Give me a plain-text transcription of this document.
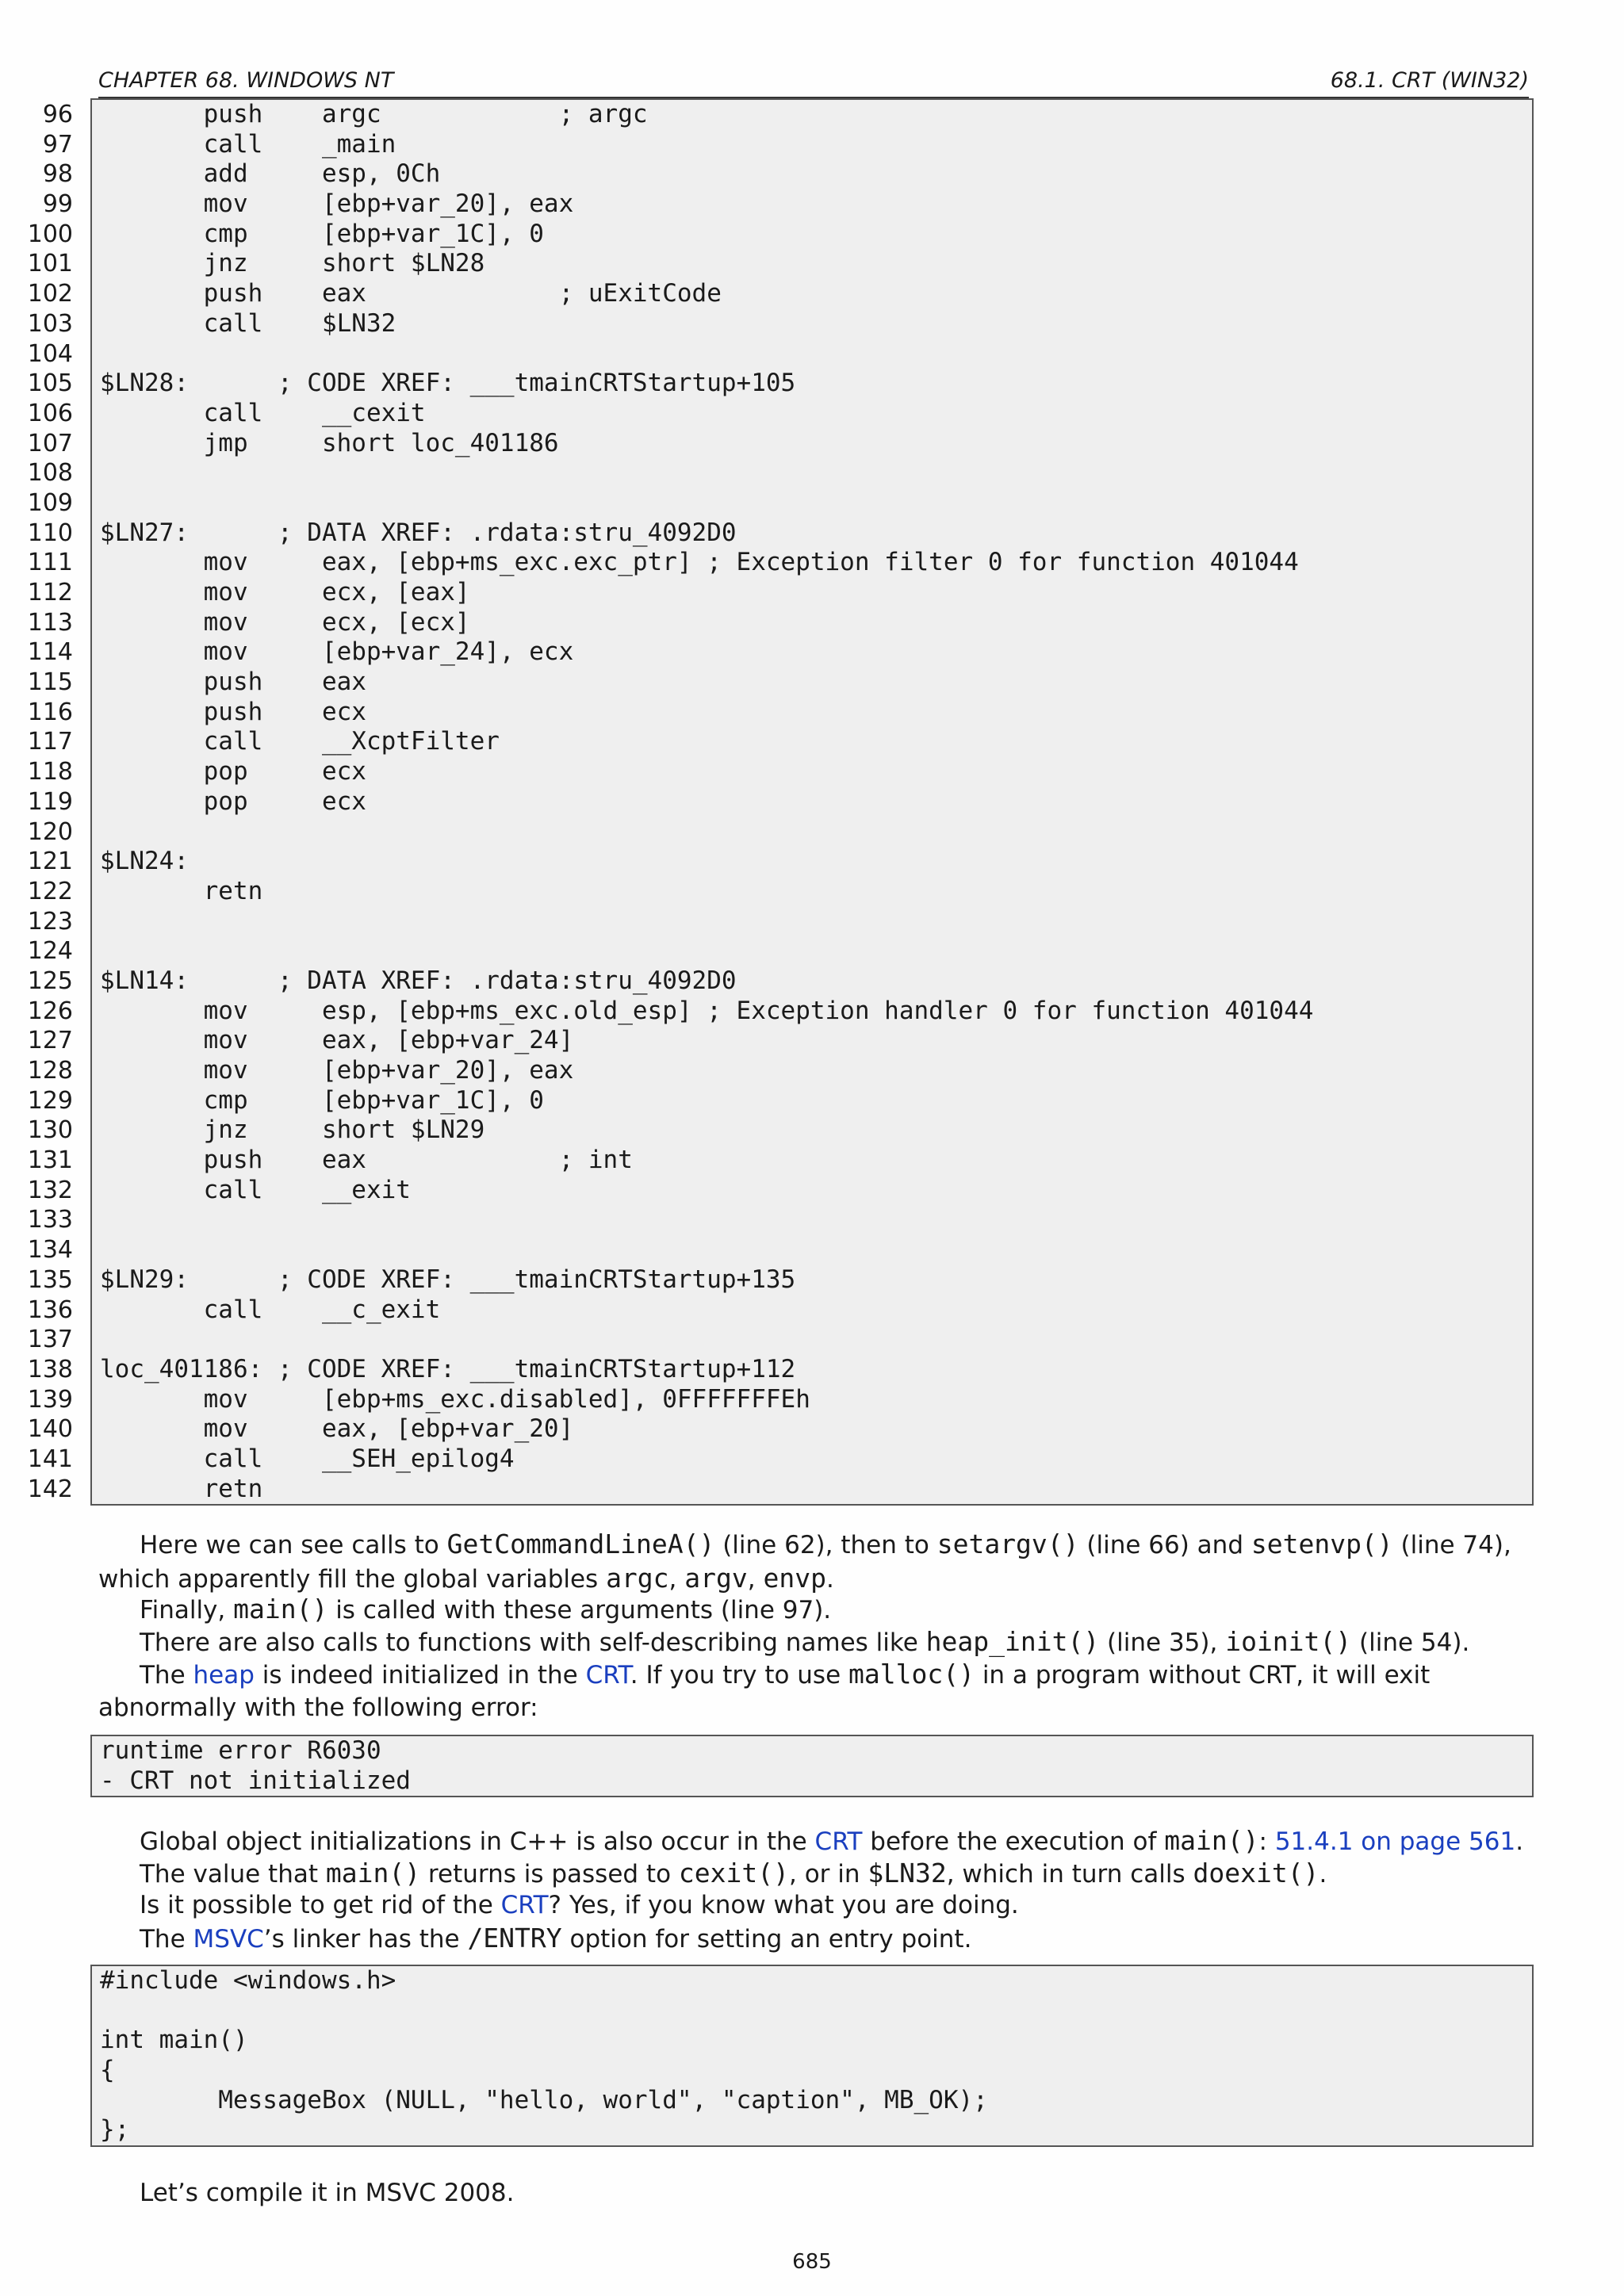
CHAPTER 68. WINDOWS NT	68.1. CRT (WIN32)
96 push    argc            ; argc
97 call    _main
98 add     esp, 0Ch
99 mov     [ebp+var_20], eax
100 cmp     [ebp+var_1C], 0
101 jnz     short $LN28
102 push    eax             ; uExitCode
103 call    $LN32
104
105 $LN28:      ; CODE XREF: ___tmainCRTStartup+105
106 call    __cexit
107 jmp     short loc_401186
108
109
110 $LN27:      ; DATA XREF: .rdata:stru_4092D0
111 mov     eax, [ebp+ms_exc.exc_ptr] ; Exception filter 0 for function 401044
112 mov     ecx, [eax]
113 mov     ecx, [ecx]
114 mov     [ebp+var_24], ecx
115 push    eax
116 push    ecx
117 call    __XcptFilter
118 pop     ecx
119 pop     ecx
120
121 $LN24:
122 retn
123
124
125 $LN14:      ; DATA XREF: .rdata:stru_4092D0
126 mov     esp, [ebp+ms_exc.old_esp] ; Exception handler 0 for function 401044
127 mov     eax, [ebp+var_24]
128 mov     [ebp+var_20], eax
129 cmp     [ebp+var_1C], 0
130 jnz     short $LN29
131 push    eax             ; int
132 call    __exit
133
134
135 $LN29:      ; CODE XREF: ___tmainCRTStartup+135
136 call    __c_exit
137
138 loc_401186: ; CODE XREF: ___tmainCRTStartup+112
139 mov     [ebp+ms_exc.disabled], 0FFFFFFFEh
140 mov     eax, [ebp+var_20]
141 call    __SEH_epilog4
142 retn
Here we can see calls to GetCommandLineA() (line 62), then to setargv() (line 66) and setenvp() (line 74), which apparently fill the global variables argc, argv, envp.
Finally, main() is called with these arguments (line 97).
There are also calls to functions with self-describing names like heap_init() (line 35), ioinit() (line 54).
The heap is indeed initialized in the CRT. If you try to use malloc() in a program without CRT, it will exit abnormally with the following error:
runtime error R6030
- CRT not initialized
Global object initializations in C++ is also occur in the CRT before the execution of main(): 51.4.1 on page 561.
The value that main() returns is passed to cexit(), or in $LN32, which in turn calls doexit().
Is it possible to get rid of the CRT? Yes, if you know what you are doing.
The MSVC’s linker has the /ENTRY option for setting an entry point.
#include <windows.h>
int main()
{
MessageBox (NULL, "hello, world", "caption", MB_OK);
};
Let’s compile it in MSVC 2008.
685
